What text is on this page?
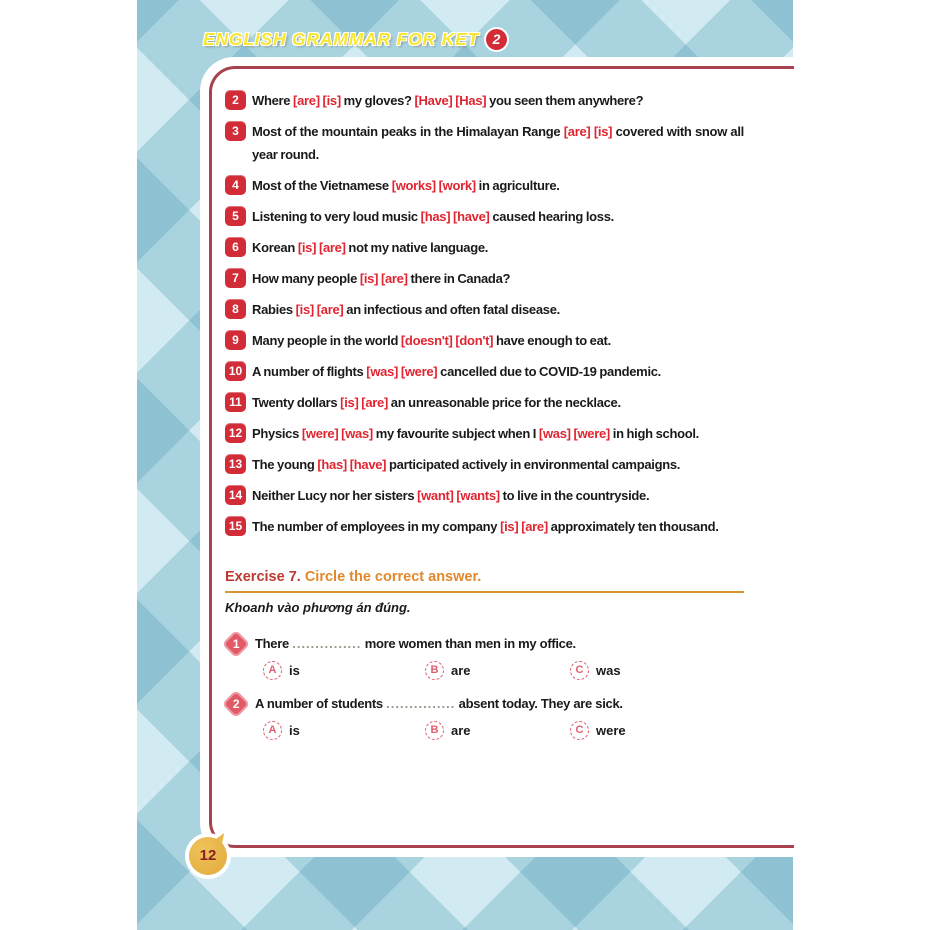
ENGLISH GRAMMAR FOR KET 2
2	Where [are] [is] my gloves? [Have] [Has] you seen them anywhere?
3	Most of the mountain peaks in the Himalayan Range [are] [is] covered with snow all year round.
4	Most of the Vietnamese [works] [work] in agriculture.
5	Listening to very loud music [has] [have] caused hearing loss.
6	Korean [is] [are] not my native language.
7	How many people [is] [are] there in Canada?
8	Rabies [is] [are] an infectious and often fatal disease.
9	Many people in the world [doesn't] [don't] have enough to eat.
10 A number of flights [was] [were] cancelled due to COVID-19 pandemic.
11 Twenty dollars [is] [are] an unreasonable price for the necklace.
12 Physics [were] [was] my favourite subject when I [was] [were] in high school.
13 The young [has] [have] participated actively in environmental campaigns.
14 Neither Lucy nor her sisters [want] [wants] to live in the countryside.
15 The number of employees in my company [is] [are] approximately ten thousand.
Exercise 7. Circle the correct answer.
Khoanh vào phương án đúng.
1 There ............... more women than men in my office.
A is	B are	C was
2 A number of students ............... absent today. They are sick.
A is	B are	C were
12
